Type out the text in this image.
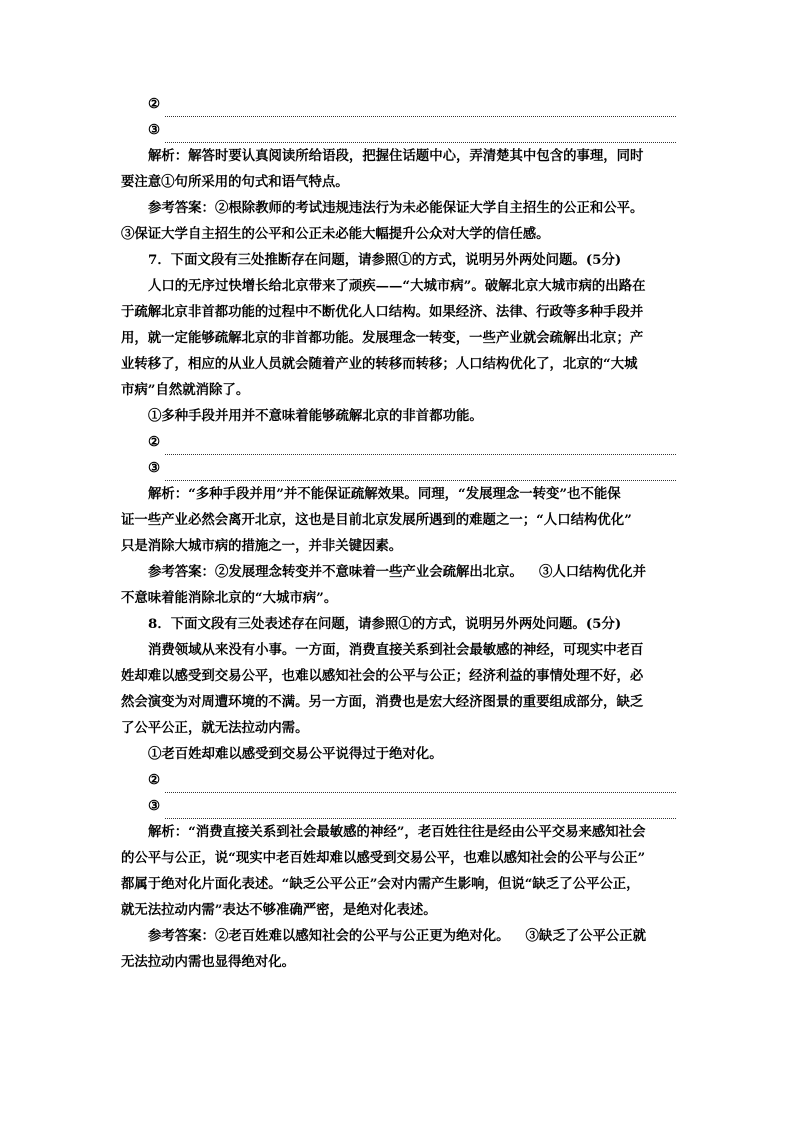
②
③

解析：解答时要认真阅读所给语段，把握住话题中心，弄清楚其中包含的事理，同时

要注意①句所采用的句式和语气特点。

参考答案：②根除教师的考试违规违法行为未必能保证大学自主招生的公正和公平。

③保证大学自主招生的公平和公正未必能大幅提升公众对大学的信任感。

7．下面文段有三处推断存在问题，请参照①的方式，说明另外两处问题。(5分)

人口的无序过快增长给北京带来了顽疾——“大城市病”。破解北京大城市病的出路在

于疏解北京非首都功能的过程中不断优化人口结构。如果经济、法律、行政等多种手段并

用，就一定能够疏解北京的非首都功能。发展理念一转变，一些产业就会疏解出北京；产

业转移了，相应的从业人员就会随着产业的转移而转移；人口结构优化了，北京的“大城

市病”自然就消除了。

①多种手段并用并不意味着能够疏解北京的非首都功能。

②
③

解析：“多种手段并用”并不能保证疏解效果。同理，“发展理念一转变”也不能保

证一些产业必然会离开北京，这也是目前北京发展所遇到的难题之一；“人口结构优化”

只是消除大城市病的措施之一，并非关键因素。

参考答案：②发展理念转变并不意味着一些产业会疏解出北京。 ③人口结构优化并

不意味着能消除北京的“大城市病”。

8．下面文段有三处表述存在问题，请参照①的方式，说明另外两处问题。(5分)

消费领域从来没有小事。一方面，消费直接关系到社会最敏感的神经，可现实中老百

姓却难以感受到交易公平，也难以感知社会的公平与公正；经济利益的事情处理不好，必

然会演变为对周遭环境的不满。另一方面，消费也是宏大经济图景的重要组成部分，缺乏

了公平公正，就无法拉动内需。

①老百姓却难以感受到交易公平说得过于绝对化。

②
③

解析：“消费直接关系到社会最敏感的神经”，老百姓往往是经由公平交易来感知社会

的公平与公正，说“现实中老百姓却难以感受到交易公平，也难以感知社会的公平与公正”

都属于绝对化片面化表述。“缺乏公平公正”会对内需产生影响，但说“缺乏了公平公正，

就无法拉动内需”表达不够准确严密，是绝对化表述。

参考答案：②老百姓难以感知社会的公平与公正更为绝对化。 ③缺乏了公平公正就

无法拉动内需也显得绝对化。
